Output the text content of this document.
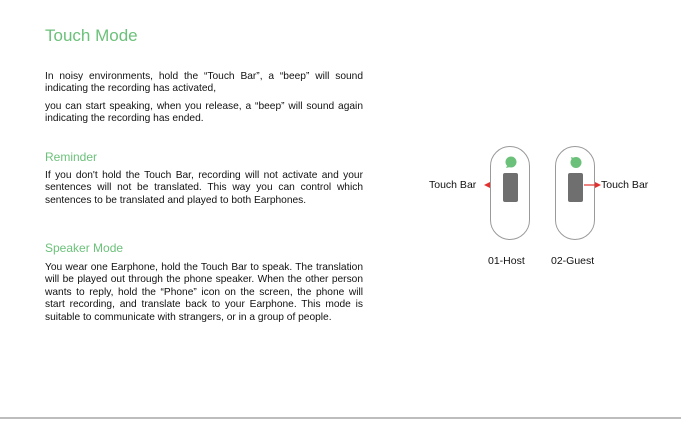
Touch Mode

In noisy environments, hold the “Touch Bar”, a “beep” will sound indicating the recording has activated,

you can start speaking, when you release, a “beep” will sound again indicating the recording has ended.

Reminder

If you don't hold the Touch Bar, recording will not activate and your sentences will not be translated. This way you can control which sentences to be translated and played to both Earphones.

Speaker Mode

You wear one Earphone, hold the Touch Bar to speak. The translation will be played out through the phone speaker. When the other person wants to reply, hold the “Phone” icon on the screen, the phone will start recording, and translate back to your Earphone. This mode is suitable to communicate with strangers, or in a group of people.

Touch Bar	Touch Bar
01-Host 02-Guest
